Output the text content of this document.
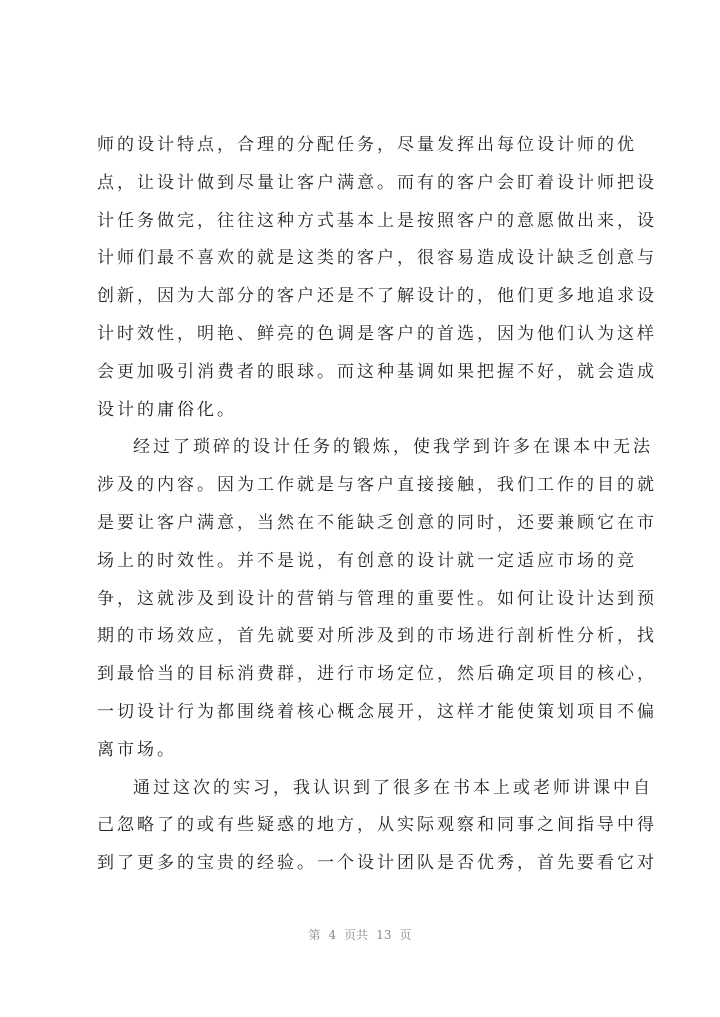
师的设计特点，合理的分配任务，尽量发挥出每位设计师的优
点，让设计做到尽量让客户满意。而有的客户会盯着设计师把设
计任务做完，往往这种方式基本上是按照客户的意愿做出来，设
计师们最不喜欢的就是这类的客户，很容易造成设计缺乏创意与
创新，因为大部分的客户还是不了解设计的，他们更多地追求设
计时效性，明艳、鲜亮的色调是客户的首选，因为他们认为这样
会更加吸引消费者的眼球。而这种基调如果把握不好，就会造成
设计的庸俗化。
经过了琐碎的设计任务的锻炼，使我学到许多在课本中无法
涉及的内容。因为工作就是与客户直接接触，我们工作的目的就
是要让客户满意，当然在不能缺乏创意的同时，还要兼顾它在市
场上的时效性。并不是说，有创意的设计就一定适应市场的竞
争，这就涉及到设计的营销与管理的重要性。如何让设计达到预
期的市场效应，首先就要对所涉及到的市场进行剖析性分析，找
到最恰当的目标消费群，进行市场定位，然后确定项目的核心，
一切设计行为都围绕着核心概念展开，这样才能使策划项目不偏
离市场。
通过这次的实习，我认识到了很多在书本上或老师讲课中自
己忽略了的或有些疑惑的地方，从实际观察和同事之间指导中得
到了更多的宝贵的经验。一个设计团队是否优秀，首先要看它对
第 4 页共 13 页
